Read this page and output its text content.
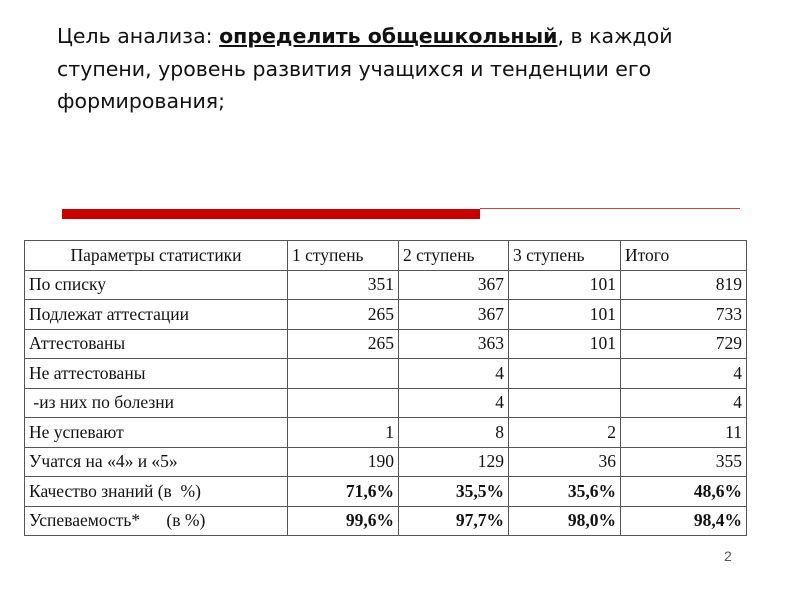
Цель анализа: определить общешкольный, в каждой ступени, уровень развития учащихся и тенденции его формирования;
Параметры статистики	1 ступень	2 ступень	3 ступень	Итого
По списку	351	367	101	819
Подлежат аттестации	265	367	101	733
Аттестованы	265	363	101	729
Не аттестованы		4		4
-из них по болезни		4		4
Не успевают	1	8	2	11
Учатся на «4» и «5»	190	129	36	355
Качество знаний (в  %)	71,6%	35,5%	35,6%	48,6%
Успеваемость*      (в %)	99,6%	97,7%	98,0%	98,4%
2
